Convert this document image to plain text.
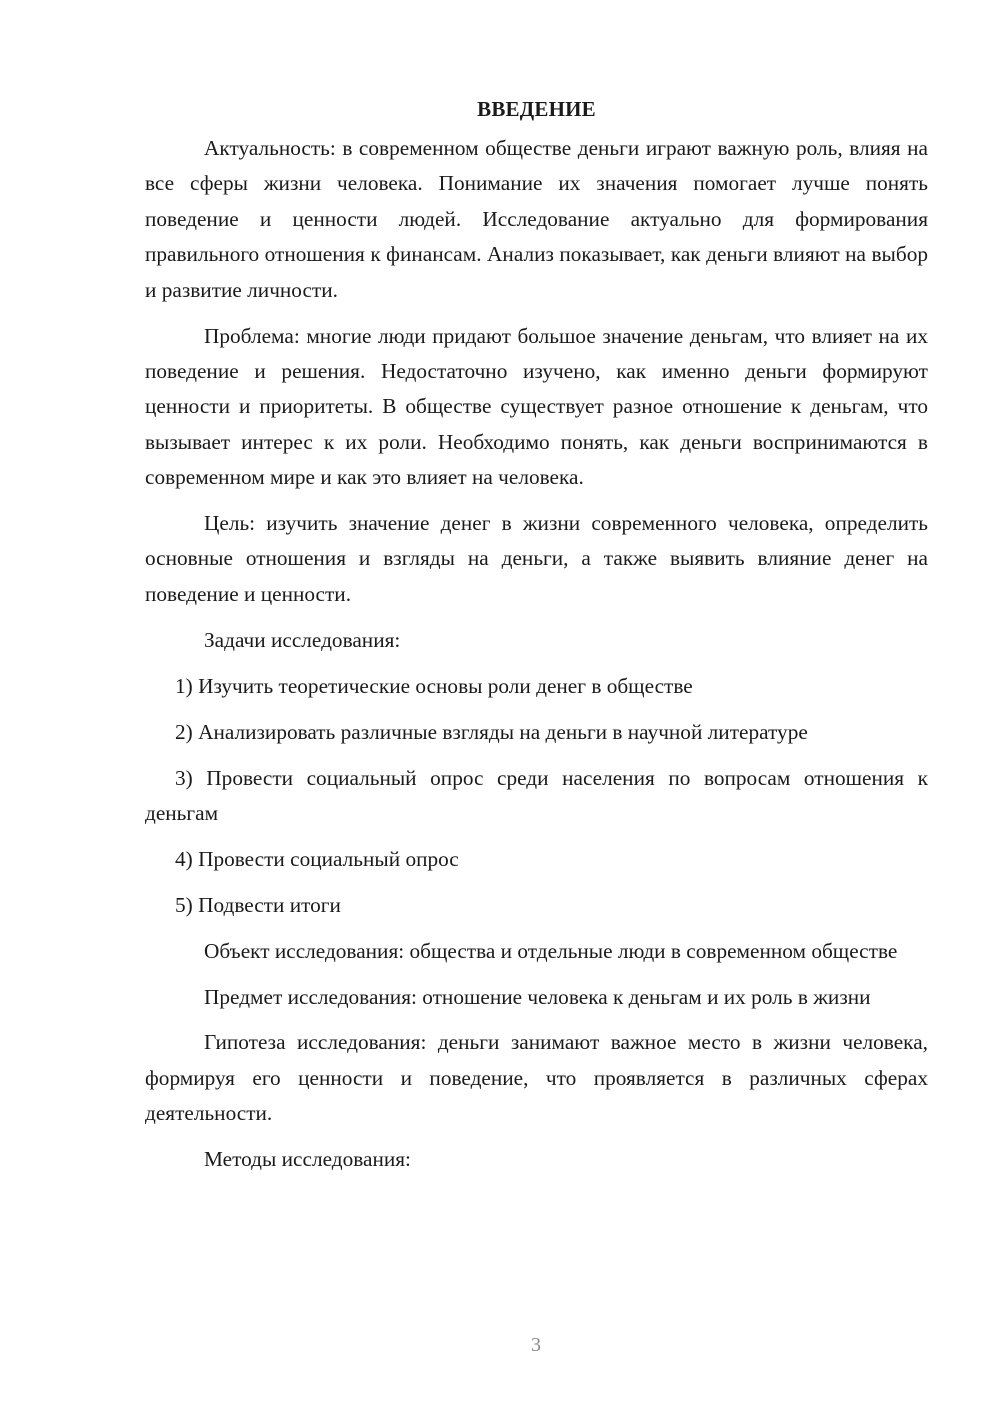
ВВЕДЕНИЕ

Актуальность: в современном обществе деньги играют важную роль, влияя на все сферы жизни человека. Понимание их значения помогает лучше понять поведение и ценности людей. Исследование актуально для формирования правильного отношения к финансам. Анализ показывает, как деньги влияют на выбор и развитие личности.

Проблема: многие люди придают большое значение деньгам, что влияет на их поведение и решения. Недостаточно изучено, как именно деньги формируют ценности и приоритеты. В обществе существует разное отношение к деньгам, что вызывает интерес к их роли. Необходимо понять, как деньги воспринимаются в современном мире и как это влияет на человека.

Цель: изучить значение денег в жизни современного человека, определить основные отношения и взгляды на деньги, а также выявить влияние денег на поведение и ценности.

Задачи исследования:

1) Изучить теоретические основы роли денег в обществе

2) Анализировать различные взгляды на деньги в научной литературе

3) Провести социальный опрос среди населения по вопросам отношения к деньгам

4) Провести социальный опрос

5) Подвести итоги

Объект исследования: общества и отдельные люди в современном обществе

Предмет исследования: отношение человека к деньгам и их роль в жизни

Гипотеза исследования: деньги занимают важное место в жизни человека, формируя его ценности и поведение, что проявляется в различных сферах деятельности.

Методы исследования:

3
